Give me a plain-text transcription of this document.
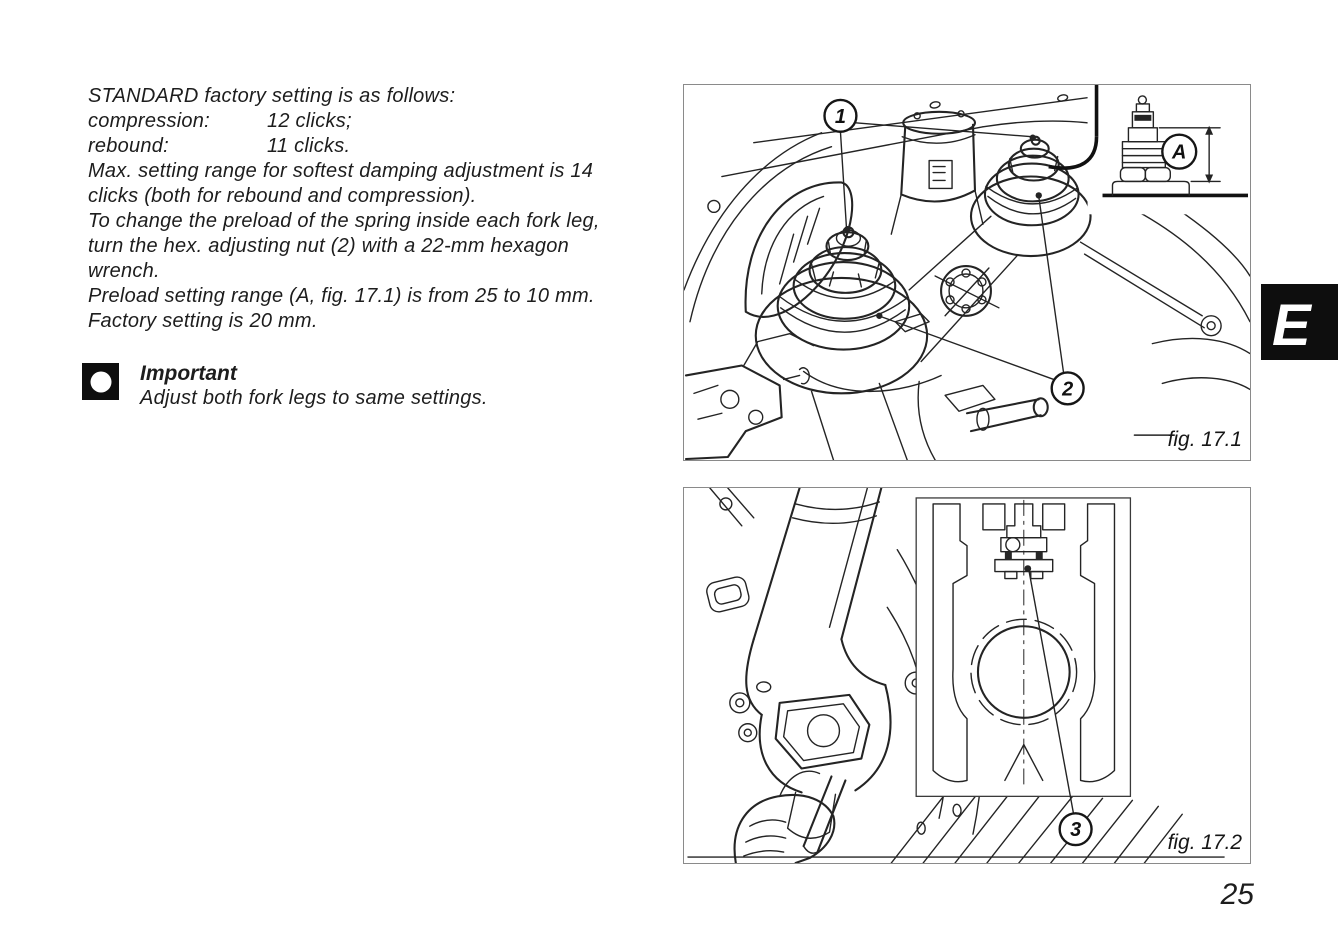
STANDARD factory setting is as follows:
compression:	12 clicks;
rebound:	11 clicks.
Max. setting range for softest damping adjustment is 14
clicks (both for rebound and compression).
To change the preload of the spring inside each fork leg,
turn the hex. adjusting nut (2) with a 22-mm hexagon
wrench.
Preload setting range (A, fig. 17.1) is from 25 to 10 mm.
Factory setting is 20 mm.
Important
Adjust both fork legs to same settings.
1
2
A
fig. 17.1
3
fig. 17.2
E
25
